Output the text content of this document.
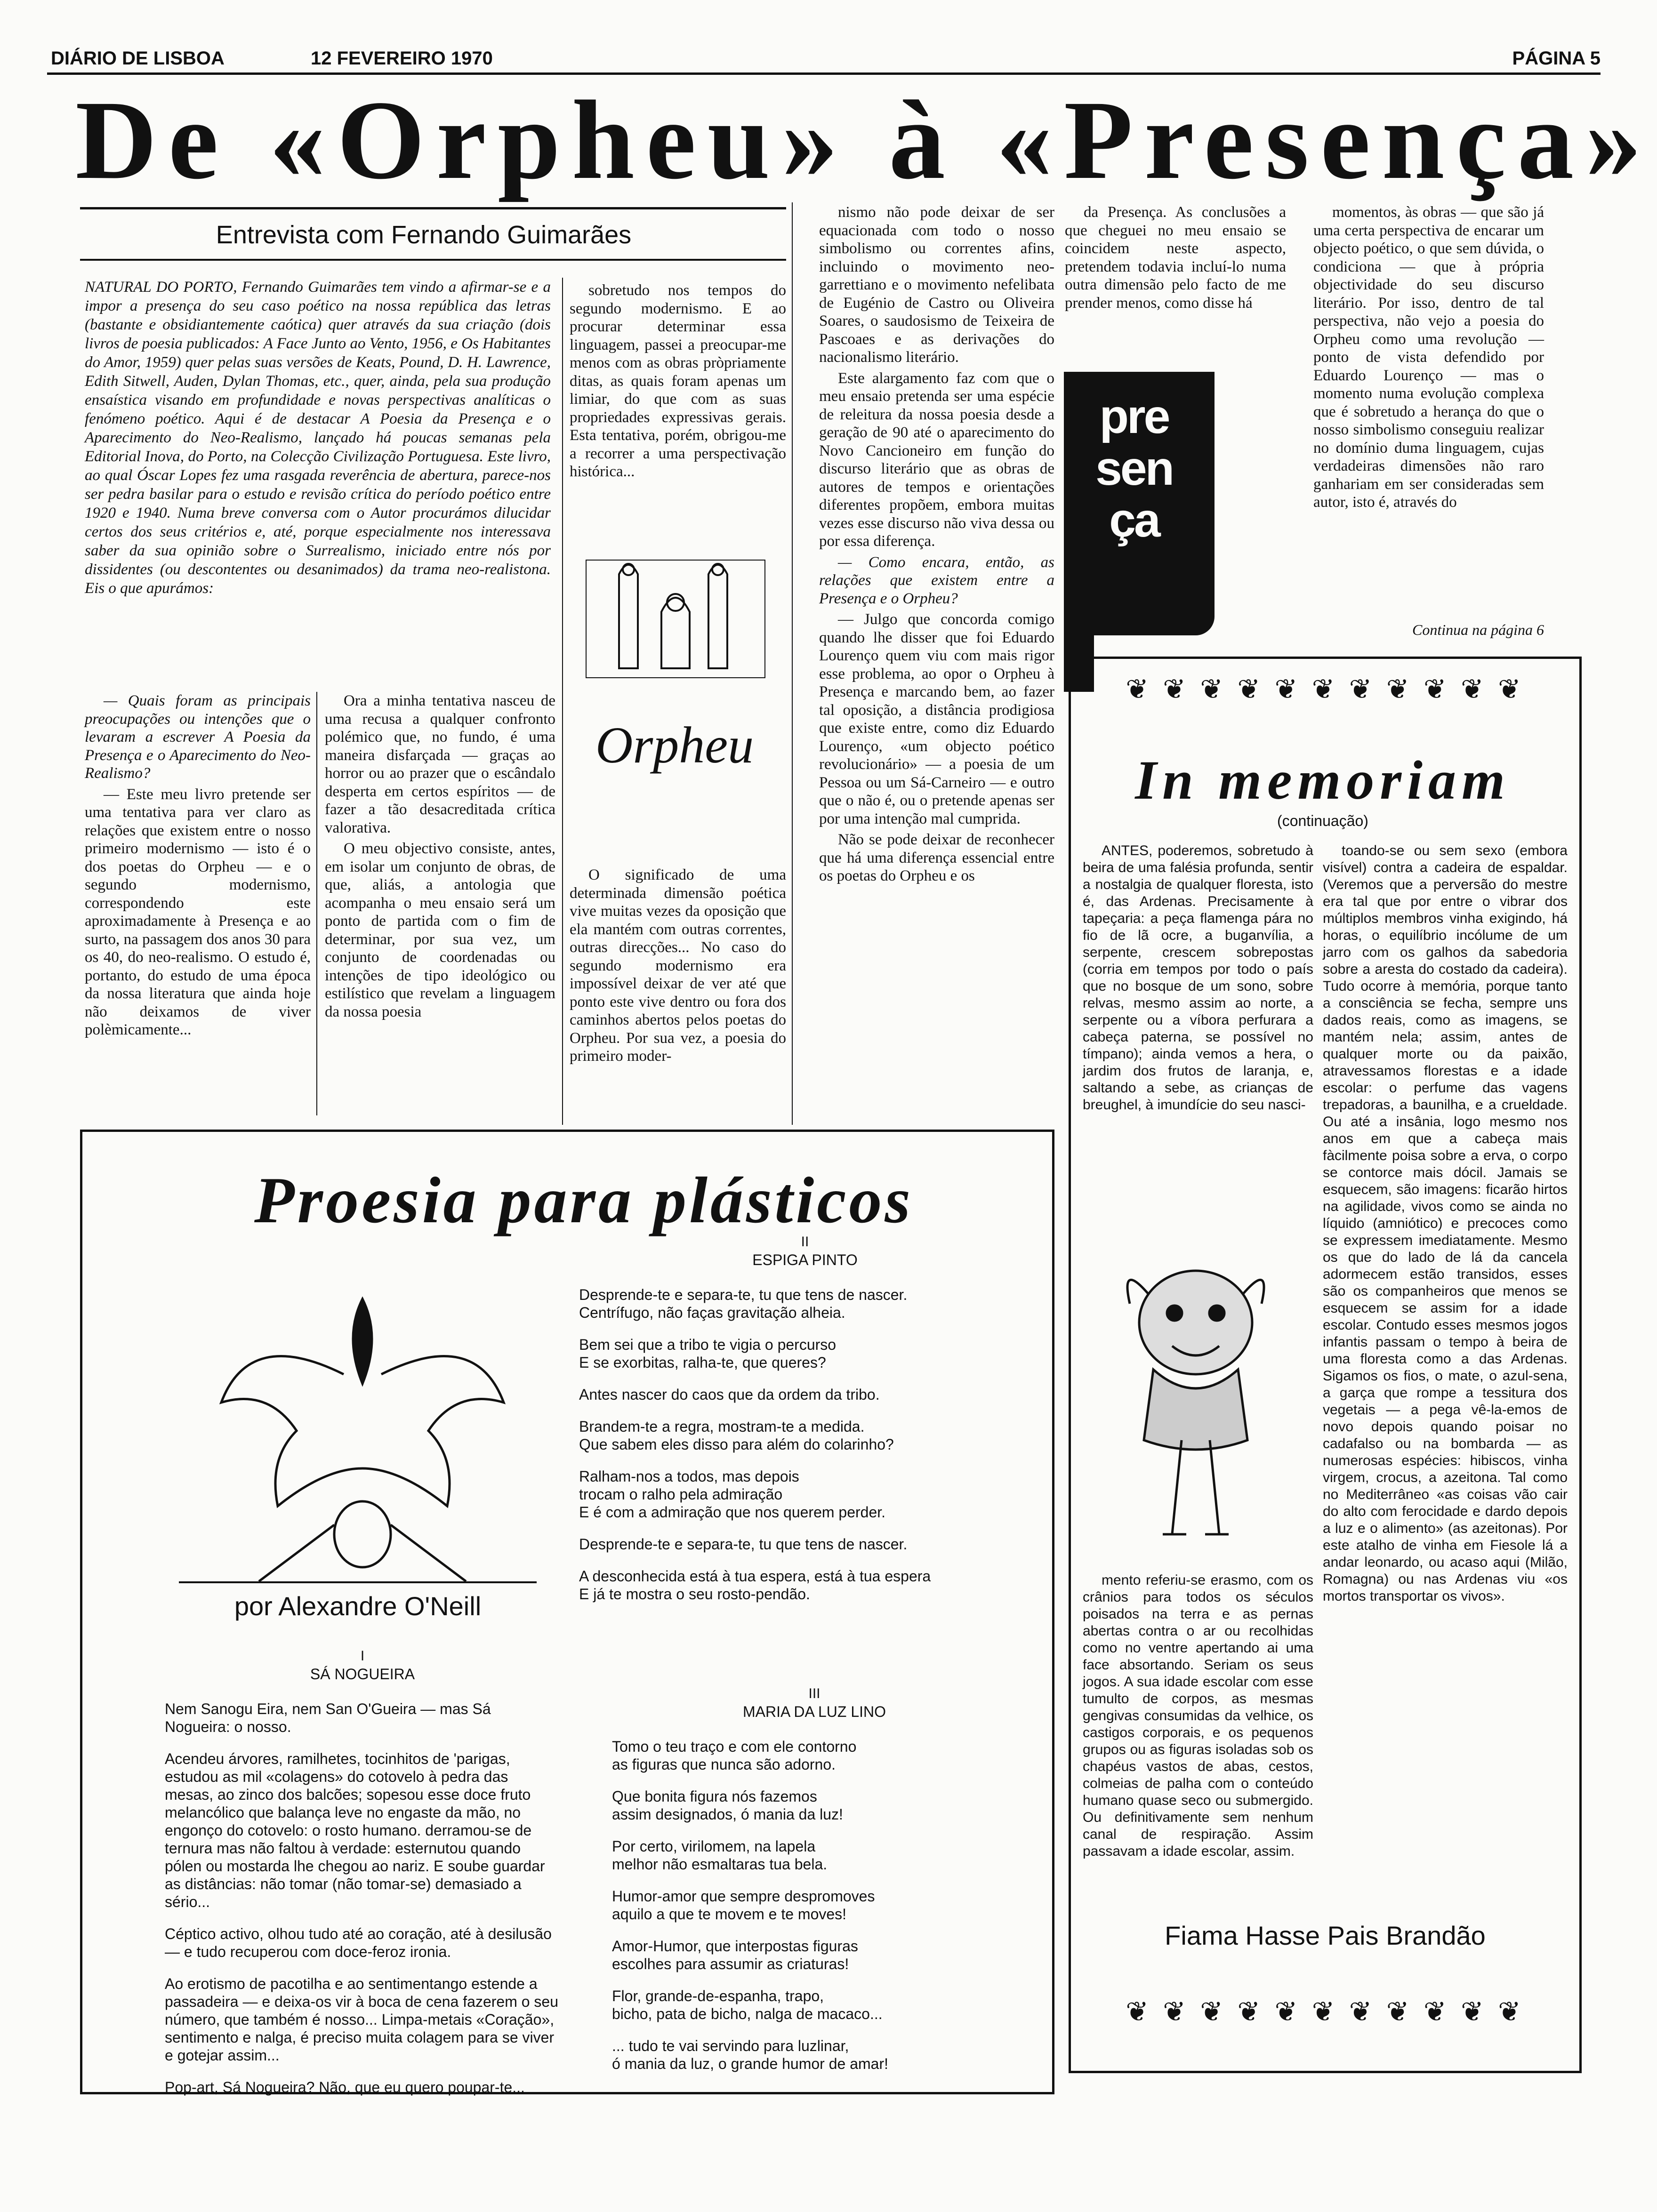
DIÁRIO DE LISBOA	12 FEVEREIRO 1970	PÁGINA 5
De «Orpheu» à «Presença»
Entrevista com Fernando Guimarães
NATURAL DO PORTO, Fernando Guimarães tem vindo a afirmar-se e a impor a presença do seu caso poético na nossa república das letras (bastante e obsidiantemente caótica) quer através da sua criação (dois livros de poesia publicados: A Face Junto ao Vento, 1956, e Os Habitantes do Amor, 1959) quer pelas suas versões de Keats, Pound, D. H. Lawrence, Edith Sitwell, Auden, Dylan Thomas, etc., quer, ainda, pela sua produção ensaística visando em profundidade e novas perspectivas analíticas o fenómeno poético. Aqui é de destacar A Poesia da Presença e o Aparecimento do Neo-Realismo, lançado há poucas semanas pela Editorial Inova, do Porto, na Colecção Civilização Portuguesa. Este livro, ao qual Óscar Lopes fez uma rasgada reverência de abertura, parece-nos ser pedra basilar para o estudo e revisão crítica do período poético entre 1920 e 1940. Numa breve conversa com o Autor procurámos dilucidar certos dos seus critérios e, até, porque especialmente nos interessava saber da sua opinião sobre o Surrealismo, iniciado entre nós por dissidentes (ou descontentes ou desanimados) da trama neo-realistona. Eis o que apurámos:

sobretudo nos tempos do segundo modernismo. E ao procurar determinar essa linguagem, passei a preocupar-me menos com as obras pròpriamente ditas, as quais foram apenas um limiar, do que com as suas propriedades expressivas gerais. Esta tentativa, porém, obrigou-me a recorrer a uma perspectivação histórica...

Orpheu

O significado de uma determinada dimensão poética vive muitas vezes da oposição que ela mantém com outras correntes, outras direcções... No caso do segundo modernismo era impossível deixar de ver até que ponto este vive dentro ou fora dos caminhos abertos pelos poetas do Orpheu. Por sua vez, a poesia do primeiro moder-

— Quais foram as principais preocupações ou intenções que o levaram a escrever A Poesia da Presença e o Aparecimento do Neo-Realismo?

— Este meu livro pretende ser uma tentativa para ver claro as relações que existem entre o nosso primeiro modernismo — isto é o dos poetas do Orpheu — e o segundo modernismo, correspondendo este aproximadamente à Presença e ao surto, na passagem dos anos 30 para os 40, do neo-realismo. O estudo é, portanto, do estudo de uma época da nossa literatura que ainda hoje não deixamos de viver polèmicamente...

Ora a minha tentativa nasceu de uma recusa a qualquer confronto polémico que, no fundo, é uma maneira disfarçada — graças ao horror ou ao prazer que o escândalo desperta em certos espíritos — de fazer a tão desacreditada crítica valorativa.

O meu objectivo consiste, antes, em isolar um conjunto de obras, de que, aliás, a antologia que acompanha o meu ensaio será um ponto de partida com o fim de determinar, por sua vez, um conjunto de coordenadas ou intenções de tipo ideológico ou estilístico que revelam a linguagem da nossa poesia

nismo não pode deixar de ser equacionada com todo o nosso simbolismo ou correntes afins, incluindo o movimento neo-garrettiano e o movimento nefelibata de Eugénio de Castro ou Oliveira Soares, o saudosismo de Teixeira de Pascoaes e as derivações do nacionalismo literário.

Este alargamento faz com que o meu ensaio pretenda ser uma espécie de releitura da nossa poesia desde a geração de 90 até o aparecimento do Novo Cancioneiro em função do discurso literário que as obras de autores de tempos e orientações diferentes propõem, embora muitas vezes esse discurso não viva dessa ou por essa diferença.

— Como encara, então, as relações que existem entre a Presença e o Orpheu?

— Julgo que concorda comigo quando lhe disser que foi Eduardo Lourenço quem viu com mais rigor esse problema, ao opor o Orpheu à Presença e marcando bem, ao fazer tal oposição, a distância prodigiosa que existe entre, como diz Eduardo Lourenço, «um objecto poético revolucionário» — a poesia de um Pessoa ou um Sá-Carneiro — e outro que o não é, ou o pretende apenas ser por uma intenção mal cumprida.

Não se pode deixar de reconhecer que há uma diferença essencial entre os poetas do Orpheu e os

da Presença. As conclusões a que cheguei no meu ensaio se coincidem neste aspecto, pretendem todavia incluí-lo numa outra dimensão pelo facto de me prender menos, como disse há

pre
sen
ça

momentos, às obras — que são já uma certa perspectiva de encarar um objecto poético, o que sem dúvida, o condiciona — que à própria objectividade do seu discurso literário. Por isso, dentro de tal perspectiva, não vejo a poesia do Orpheu como uma revolução — ponto de vista defendido por Eduardo Lourenço — mas o momento numa evolução complexa que é sobretudo a herança do que o nosso simbolismo conseguiu realizar no domínio duma linguagem, cujas verdadeiras dimensões não raro ganhariam em ser consideradas sem autor, isto é, através do

Continua na página 6
❦ ❦ ❦ ❦ ❦ ❦ ❦ ❦ ❦ ❦ ❦
In memoriam
(continuação)

ANTES, poderemos, sobretudo à beira de uma falésia profunda, sentir a nostalgia de qualquer floresta, isto é, das Ardenas. Precisamente à tapeçaria: a peça flamenga pára no fio de lã ocre, a buganvília, a serpente, crescem sobrepostas (corria em tempos por todo o país que no bosque de um sono, sobre relvas, mesmo assim ao norte, a serpente ou a víbora perfurara a cabeça paterna, se possível no tímpano); ainda vemos a hera, o jardim dos frutos de laranja, e, saltando a sebe, as crianças de breughel, à imundície do seu nasci-

toando-se ou sem sexo (embora visível) contra a cadeira de espaldar. (Veremos que a perversão do mestre era tal que por entre o vibrar dos múltiplos membros vinha exigindo, há horas, o equilíbrio incólume de um jarro com os galhos da sabedoria sobre a aresta do costado da cadeira). Tudo ocorre à memória, porque tanto a consciência se fecha, sempre uns dados reais, como as imagens, se mantém nela; assim, antes de qualquer morte ou da paixão, atravessamos florestas e a idade escolar: o perfume das vagens trepadoras, a baunilha, e a crueldade. Ou até a insânia, logo mesmo nos anos em que a cabeça mais fàcilmente poisa sobre a erva, o corpo se contorce mais dócil. Jamais se esquecem, são imagens: ficarão hirtos na agilidade, vivos como se ainda no líquido (amniótico) e precoces como se expressem imediatamente. Mesmo os que do lado de lá da cancela adormecem estão transidos, esses são os companheiros que menos se esquecem se assim for a idade escolar. Contudo esses mesmos jogos infantis passam o tempo à beira de uma floresta como a das Ardenas. Sigamos os fios, o mate, o azul-sena, a garça que rompe a tessitura dos vegetais — a pega vê-la-emos de novo depois quando poisar no cadafalso ou na bombarda — as numerosas espécies: hibiscos, vinha virgem, crocus, a azeitona. Tal como no Mediterrâneo «as coisas vão cair do alto com ferocidade e dardo depois a luz e o alimento» (as azeitonas). Por este atalho de vinha em Fiesole lá a andar leonardo, ou acaso aqui (Milão, Romagna) ou nas Ardenas viu «os mortos transportar os vivos».

mento referiu-se erasmo, com os crânios para todos os séculos poisados na terra e as pernas abertas contra o ar ou recolhidas como no ventre apertando ai uma face absortando. Seriam os seus jogos. A sua idade escolar com esse tumulto de corpos, as mesmas gengivas consumidas da velhice, os castigos corporais, e os pequenos grupos ou as figuras isoladas sob os chapéus vastos de abas, cestos, colmeias de palha com o conteúdo humano quase seco ou submergido. Ou definitivamente sem nenhum canal de respiração. Assim passavam a idade escolar, assim.

Fiama Hasse Pais Brandão
❦ ❦ ❦ ❦ ❦ ❦ ❦ ❦ ❦ ❦ ❦
Proesia para plásticos
por Alexandre O'Neill
I
SÁ NOGUEIRA
Nem Sanogu Eira, nem San O'Gueira — mas Sá Nogueira: o nosso.
Acendeu árvores, ramilhetes, tocinhitos de 'parigas, estudou as mil «colagens» do cotovelo à pedra das mesas, ao zinco dos balcões; sopesou esse doce fruto melancólico que balança leve no engaste da mão, no engonço do cotovelo: o rosto humano. derramou-se de ternura mas não faltou à verdade: esternutou quando pólen ou mostarda lhe chegou ao nariz. E soube guardar as distâncias: não tomar (não tomar-se) demasiado a sério...
Céptico activo, olhou tudo até ao coração, até à desilusão — e tudo recuperou com doce-feroz ironia.
Ao erotismo de pacotilha e ao sentimentango estende a passadeira — e deixa-os vir à boca de cena fazerem o seu número, que também é nosso... Limpa-metais «Coração», sentimento e nalga, é preciso muita colagem para se viver e gotejar assim...
Pop-art, Sá Nogueira? Não, que eu quero poupar-te...
II
ESPIGA PINTO
Desprende-te e separa-te, tu que tens de nascer.
Centrífugo, não faças gravitação alheia.
Bem sei que a tribo te vigia o percurso
E se exorbitas, ralha-te, que queres?
Antes nascer do caos que da ordem da tribo.
Brandem-te a regra, mostram-te a medida.
Que sabem eles disso para além do colarinho?
Ralham-nos a todos, mas depois
trocam o ralho pela admiração
E é com a admiração que nos querem perder.
Desprende-te e separa-te, tu que tens de nascer.
A desconhecida está à tua espera, está à tua espera
E já te mostra o seu rosto-pendão.
III
MARIA DA LUZ LINO
Tomo o teu traço e com ele contorno
as figuras que nunca são adorno.
Que bonita figura nós fazemos
assim designados, ó mania da luz!
Por certo, virilomem, na lapela
melhor não esmaltaras tua bela.
Humor-amor que sempre despromoves
aquilo a que te movem e te moves!
Amor-Humor, que interpostas figuras
escolhes para assumir as criaturas!
Flor, grande-de-espanha, trapo,
bicho, pata de bicho, nalga de macaco...
... tudo te vai servindo para luzlinar,
ó mania da luz, o grande humor de amar!
